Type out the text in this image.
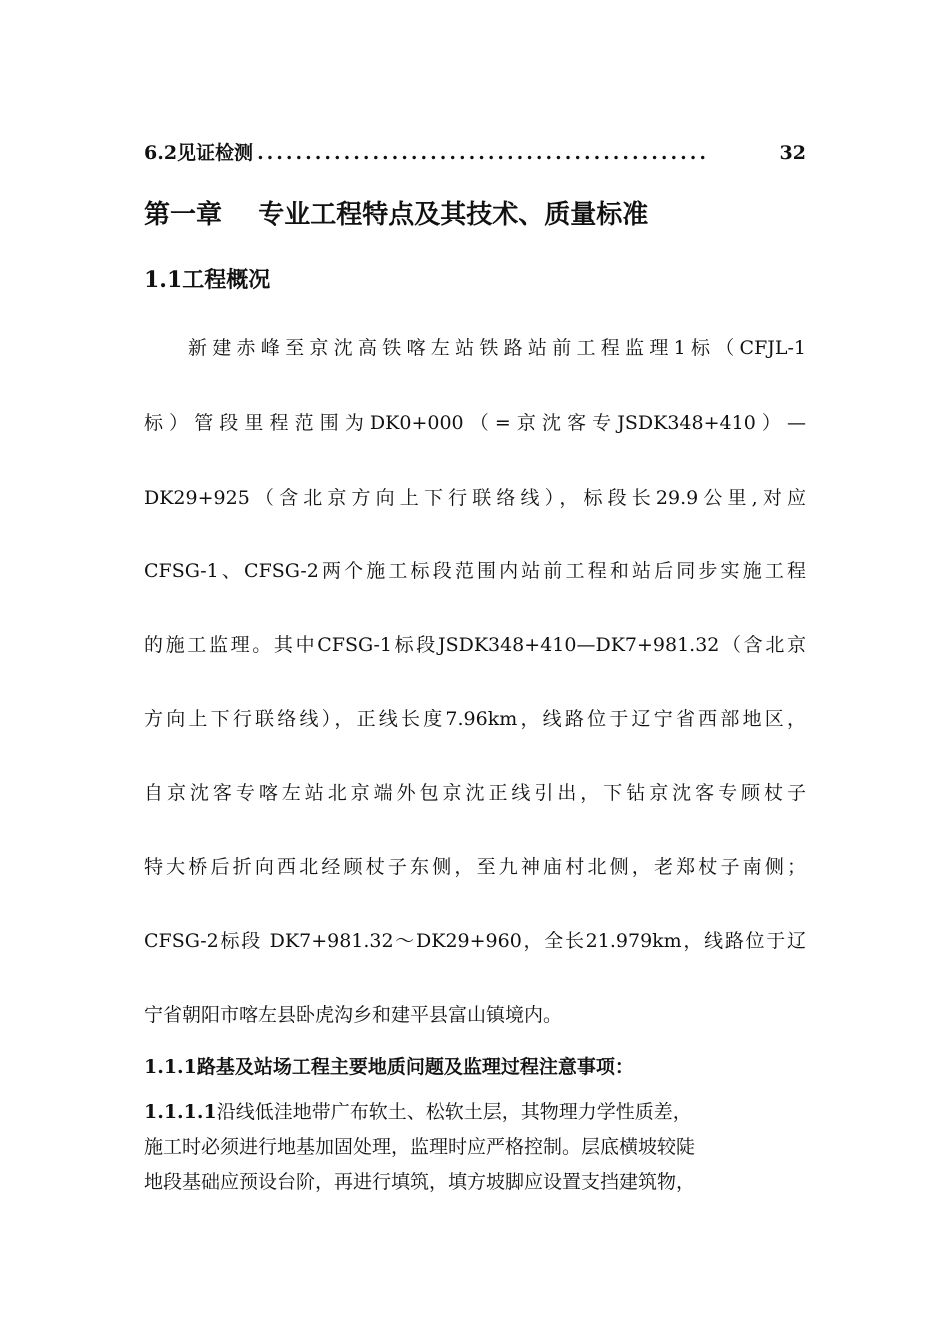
6.2见证检测 ...............................................	32
第一章    专业工程特点及其技术、质量标准
1.1工程概况
新建赤峰至京沈高铁喀左站铁路站前工程监理1标（CFJL-1
标）管段里程范围为DK0+000（=京沈客专JSDK348+410）—
DK29+925（含北京方向上下行联络线），标段长29.9公里,对应
CFSG-1、CFSG-2两个施工标段范围内站前工程和站后同步实施工程
的施工监理。其中CFSG-1标段JSDK348+410—DK7+981.32（含北京
方向上下行联络线），正线长度7.96km，线路位于辽宁省西部地区，
自京沈客专喀左站北京端外包京沈正线引出，下钻京沈客专顾杖子
特大桥后折向西北经顾杖子东侧，至九神庙村北侧，老郑杖子南侧；
CFSG-2标段 DK7+981.32～DK29+960，全长21.979km，线路位于辽
宁省朝阳市喀左县卧虎沟乡和建平县富山镇境内。
1.1.1路基及站场工程主要地质问题及监理过程注意事项：
1.1.1.1沿线低洼地带广布软土、松软土层，其物理力学性质差，
施工时必须进行地基加固处理，监理时应严格控制。层底横坡较陡
地段基础应预设台阶，再进行填筑，填方坡脚应设置支挡建筑物，
